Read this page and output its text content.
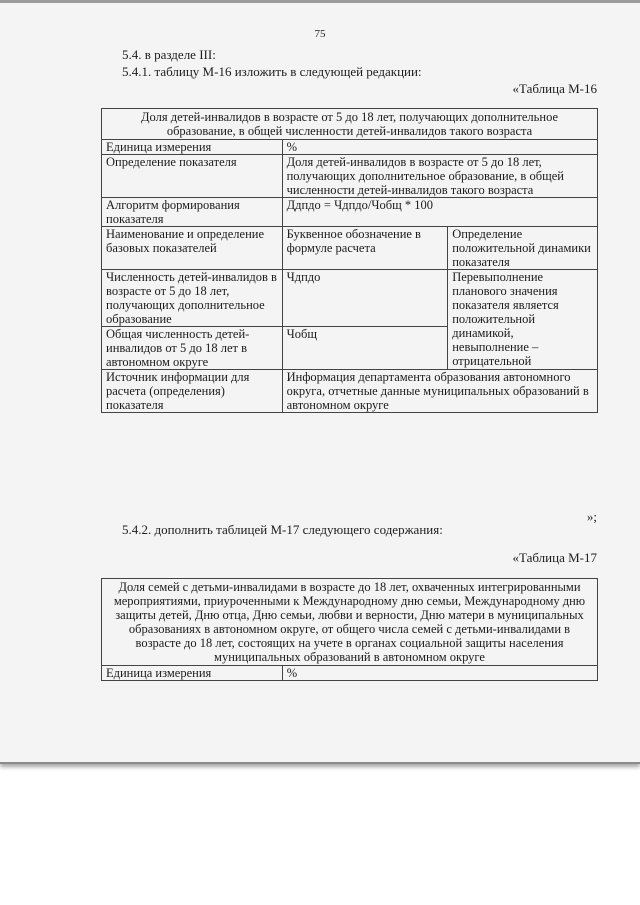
75
5.4. в разделе III:
5.4.1. таблицу М-16 изложить в следующей редакции:
«Таблица М-16
Доля детей-инвалидов в возрасте от 5 до 18 лет, получающих дополнительное образование, в общей численности детей-инвалидов такого возраста		
Единица измерения	%	
Определение показателя	Доля детей-инвалидов в возрасте от 5 до 18 лет, получающих дополнительное образование, в общей численности детей-инвалидов такого возраста	
Алгоритм формирования показателя	Ддпдо = Чдпдо/Чобщ * 100	
Наименование и определение базовых показателей	Буквенное обозначение в формуле расчета	Определение положительной динамики показателя
Численность детей-инвалидов в возрасте от 5 до 18 лет, получающих дополнительное образование	Чдпдо	Перевыполнение планового значения показателя является положительной динамикой, невыполнение – отрицательной
Общая численность детей-инвалидов от 5 до 18 лет в автономном округе	Чобщ	
Источник информации для расчета (определения) показателя	Информация департамента образования автономного округа, отчетные данные муниципальных образований в автономном округе	
»;
5.4.2. дополнить таблицей М-17 следующего содержания:
«Таблица М-17
Доля семей с детьми-инвалидами в возрасте до 18 лет, охваченных интегрированными мероприятиями, приуроченными к Международному дню семьи, Международному дню защиты детей, Дню отца, Дню семьи, любви и верности, Дню матери в муниципальных образованиях в автономном округе, от общего числа семей с детьми-инвалидами в возрасте до 18 лет, состоящих на учете в органах социальной защиты населения муниципальных образований в автономном округе
Единица измерения	%
